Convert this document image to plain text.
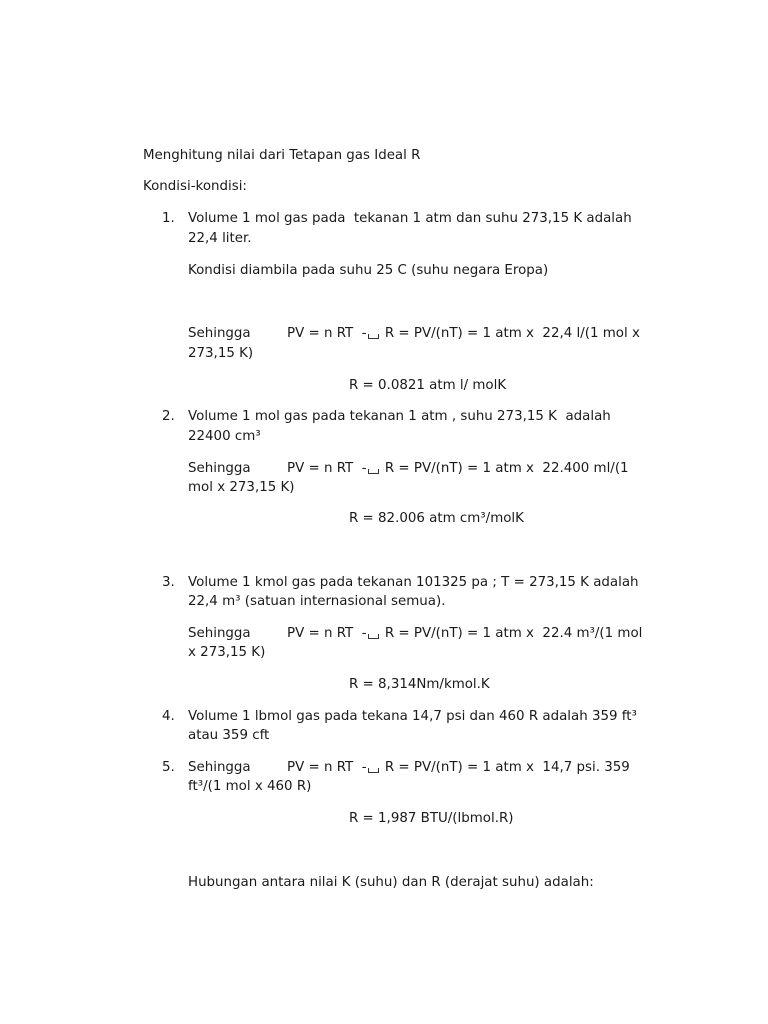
Menghitung nilai dari Tetapan gas Ideal R
Kondisi-kondisi:
1. Volume 1 mol gas pada  tekanan 1 atm dan suhu 273,15 K adalah
22,4 liter.
Kondisi diambila pada suhu 25 C (suhu negara Eropa)
Sehingga	PV = n RT  - R = PV/(nT) = 1 atm x  22,4 l/(1 mol x
273,15 K)
R = 0.0821 atm l/ molK
2. Volume 1 mol gas pada tekanan 1 atm , suhu 273,15 K  adalah
22400 cm³
Sehingga	PV = n RT  - R = PV/(nT) = 1 atm x  22.400 ml/(1
mol x 273,15 K)
R = 82.006 atm cm³/molK
3. Volume 1 kmol gas pada tekanan 101325 pa ; T = 273,15 K adalah
22,4 m³ (satuan internasional semua).
Sehingga	PV = n RT  - R = PV/(nT) = 1 atm x  22.4 m³/(1 mol
x 273,15 K)
R = 8,314Nm/kmol.K
4. Volume 1 lbmol gas pada tekana 14,7 psi dan 460 R adalah 359 ft³
atau 359 cft
5. Sehingga	PV = n RT  - R = PV/(nT) = 1 atm x  14,7 psi. 359
ft³/(1 mol x 460 R)
R = 1,987 BTU/(lbmol.R)
Hubungan antara nilai K (suhu) dan R (derajat suhu) adalah:
